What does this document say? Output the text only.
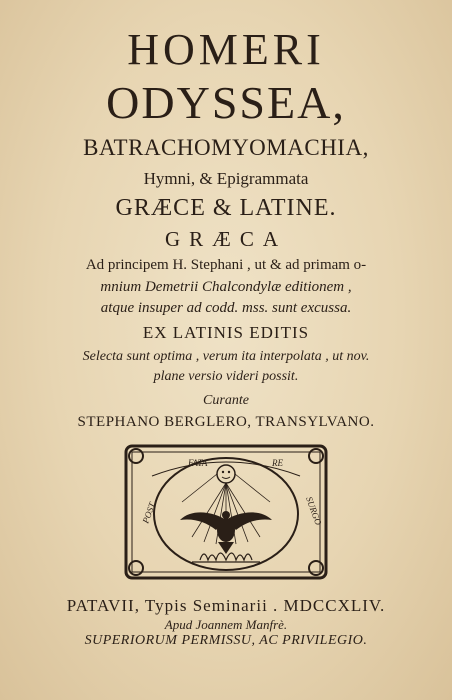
HOMERI
ODYSSEA,
BATRACHOMYOMACHIA,
Hymni, & Epigrammata
GRÆCE & LATINE.
GRÆCA
Ad principem H. Stephani , ut & ad primam o-
mnium Demetrii Chalcondylæ editionem ,
atque insuper ad codd. mss. sunt excussa.
EX LATINIS EDITIS
Selecta sunt optima , verum ita interpolata , ut nov.
plane versio videri possit.
Curante
STEPHANO BERGLERO, TRANSYLVANO.
FATA	RE
POST	SURGO
PATAVII, Typis Seminarii . MDCCXLIV.
Apud Joannem Manfrè.
SUPERIORUM PERMISSU, AC PRIVILEGIO.
